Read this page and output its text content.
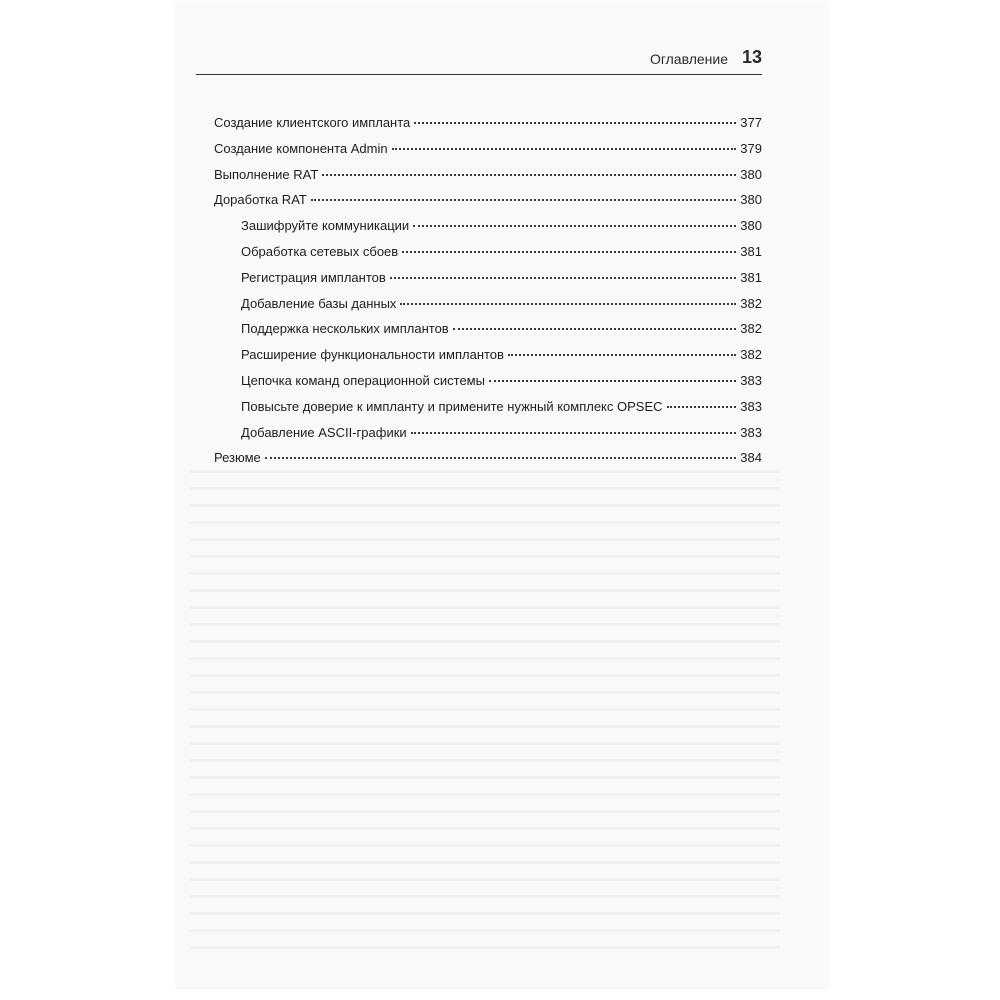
Оглавление 13
Создание клиентского импланта	377
Создание компонента Admin	379
Выполнение RAT	380
Доработка RAT	380
Зашифруйте коммуникации	380
Обработка сетевых сбоев	381
Регистрация имплантов	381
Добавление базы данных	382
Поддержка нескольких имплантов	382
Расширение функциональности имплантов	382
Цепочка команд операционной системы	383
Повысьте доверие к импланту и примените нужный комплекс OPSEC	383
Добавление ASCII-графики	383
Резюме	384
